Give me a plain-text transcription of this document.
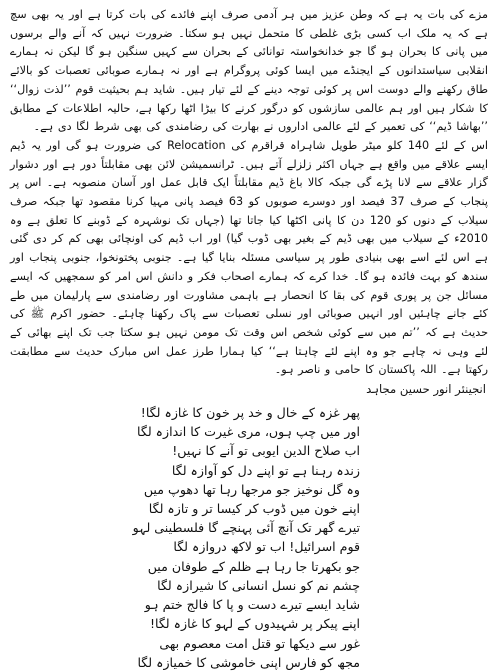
مزے کی بات یہ ہے کہ وطن عزیز میں ہر آدمی صرف اپنے فائدے کی بات کرتا ہے اور یہ بھی سچ ہے کہ یہ ملک اب کسی بڑی غلطی کا متحمل نہیں ہو سکتا۔ ضرورت نہیں کہ آنے والے برسوں میں پانی کا بحران ہو گا جو خدانخواستہ توانائی کے بحران سے کہیں سنگین ہو گا لیکن نہ ہمارے انقلابی سیاستدانوں کے ایجنڈے میں ایسا کوئی پروگرام ہے اور نہ ہمارے صوبائی تعصبات کو بالائے طاق رکھنے والے دوست اس پر کوئی توجہ دینے کے لئے تیار ہیں۔ شاید ہم بحیثیت قوم ’’لذت زوال‘‘ کا شکار ہیں اور ہم عالمی سازشوں کو درگور کرنے کا بیڑا اٹھا رکھا ہے، حالیہ اطلاعات کے مطابق ’’بھاشا ڈیم‘‘ کی تعمیر کے لئے عالمی اداروں نے بھارت کی رضامندی کی بھی شرط لگا دی ہے۔

اس کے لئے 140 کلو میٹر طویل شاہراہ قراقرم کی Relocation کی ضرورت ہو گی اور یہ ڈیم ایسے علاقے میں واقع ہے جہاں اکثر زلزلے آتے ہیں۔ ٹرانسمیشن لائن بھی مقابلتاً دور ہے اور دشوار گزار علاقے سے لانا پڑے گی جبکہ کالا باغ ڈیم مقابلتاً ایک قابل عمل اور آسان منصوبہ ہے۔ اس پر پنجاب کے صرف 37 فیصد اور دوسرے صوبوں کو 63 فیصد پانی مہیا کرنا مقصود تھا جبکہ صرف سیلاب کے دنوں کو 120 دن کا پانی اکٹھا کیا جاتا تھا (جہاں تک نوشہرہ کے ڈوبنے کا تعلق ہے وہ 2010ء کے سیلاب میں بھی ڈیم کے بغیر بھی ڈوب گیا) اور اب ڈیم کی اونچائی بھی کم کر دی گئی ہے اس لئے اسے بھی بنیادی طور پر سیاسی مسئلہ بنایا گیا ہے۔ جنوبی پختونخوا، جنوبی پنجاب اور سندھ کو بہت فائدہ ہو گا۔ خدا کرے کہ ہمارے اصحاب فکر و دانش اس امر کو سمجھیں کہ ایسے مسائل جن پر پوری قوم کی بقا کا انحصار ہے باہمی مشاورت اور رضامندی سے پارلیمان میں طے کئے جانے چاہئیں اور انہیں صوبائی اور نسلی تعصبات سے پاک رکھنا چاہئے۔ حضور اکرم ﷺ کی حدیث ہے کہ ’’تم میں سے کوئی شخص اس وقت تک مومن نہیں ہو سکتا جب تک اپنے بھائی کے لئے وہی نہ چاہے جو وہ اپنے لئے چاہتا ہے‘‘ کیا ہمارا طرز عمل اس مبارک حدیث سے مطابقت رکھتا ہے۔ اللہ پاکستان کا حامی و ناصر ہو۔

انجینئر انور حسین مجاہد

پھر غزہ کے خال و خد پر خون کا غازہ لگا!

اور میں چپ ہوں، مری غیرت کا اندازہ لگا

اب صلاح الدین ایوبی تو آنے کا نہیں!

زندہ رہنا ہے تو اپنے دل کو آوازہ لگا

وہ گل نوخیز جو مرجھا رہا تھا دھوپ میں

اپنے خون میں ڈوب کر کیسا تر و تازہ لگا

تیرے گھر تک آنچ آئی پہنچے گا فلسطینی لہو

قوم اسرائیل! اب تو لاکھ دروازہ لگا

جو بکھرتا جا رہا ہے ظلم کے طوفان میں

چشم نم کو نسل انسانی کا شیرازہ لگا

شاید ایسے تیرے دست و پا کا فالج ختم ہو

اپنے پیکر پر شہیدوں کے لہو کا غازہ لگا!

غور سے دیکھا تو قتل امت معصوم بھی

مجھ کو فارس اپنی خاموشی کا خمیازہ لگا
